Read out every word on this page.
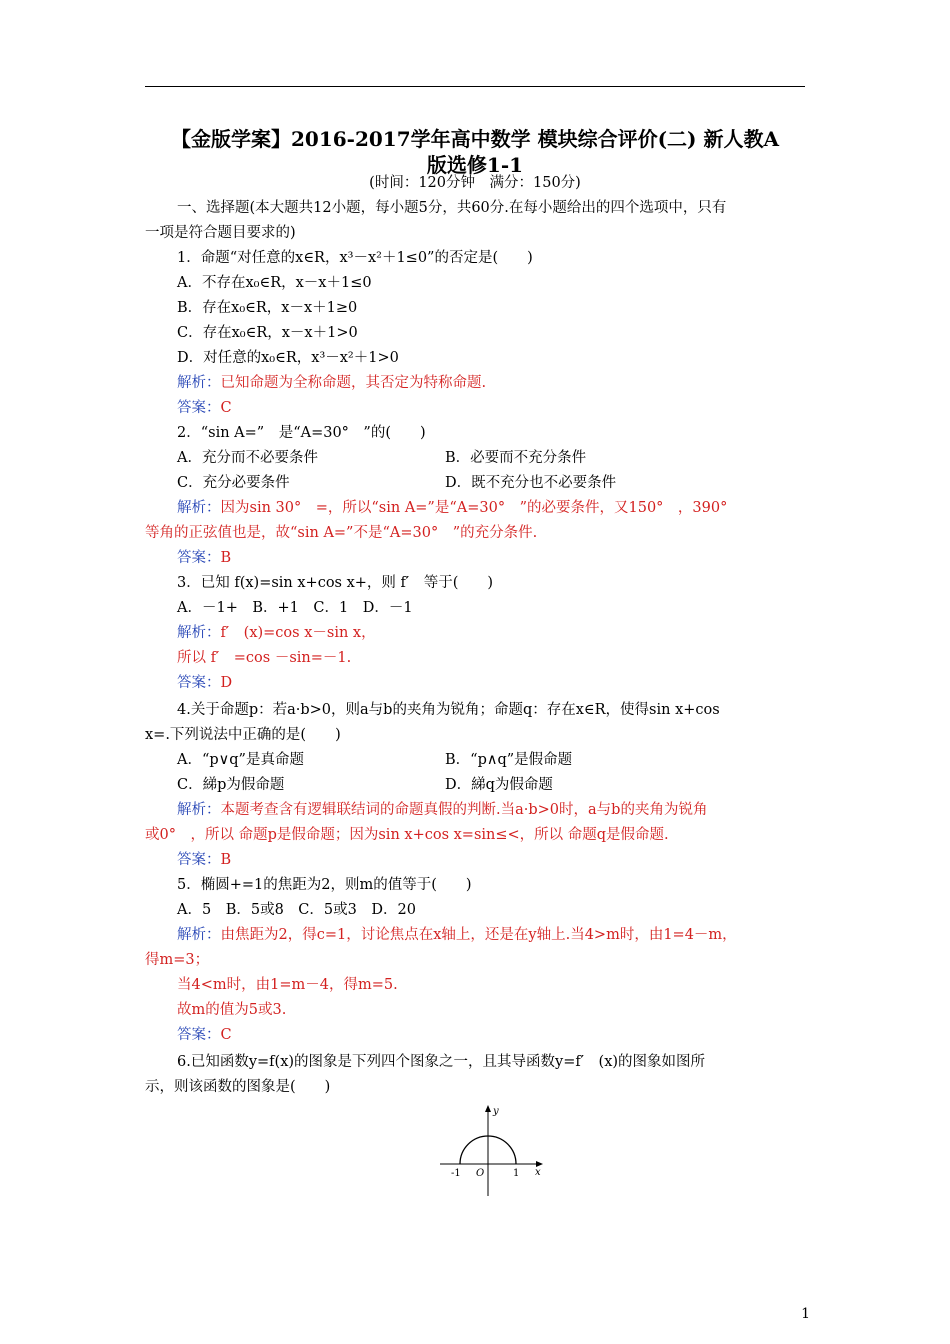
【金版学案】2016-2017学年高中数学 模块综合评价(二) 新人教A
版选修1-1
(时间：120分钟　满分：150分)
一、选择题(本大题共12小题，每小题5分，共60分.在每小题给出的四个选项中，只有
一项是符合题目要求的)
1．命题“对任意的x∈R，x³－x²＋1≤0”的否定是(　　)
A．不存在x₀∈R，x－x＋1≤0
B．存在x₀∈R，x－x＋1≥0
C．存在x₀∈R，x－x＋1>0
D．对任意的x₀∈R，x³－x²＋1>0
解析：已知命题为全称命题，其否定为特称命题.
答案：C
2．“sin A=”　是“A=30°　”的(　　)
A．充分而不必要条件	B．必要而不充分条件
C．充分必要条件	D．既不充分也不必要条件
解析：因为sin 30°　=，所以“sin A=”是“A=30°　”的必要条件，又150°　，390°
等角的正弦值也是，故“sin A=”不是“A=30°　”的充分条件.
答案：B
3．已知 f(x)=sin x+cos x+，则 f′　等于(　　)
A．－1+　B．+1　C．1　D．－1
解析：f′　(x)=cos x－sin x，
所以 f′　=cos －sin=－1.
答案：D
4.关于命题p：若a·b>0，则a与b的夹角为锐角；命题q：存在x∈R，使得sin x+cos
x=.下列说法中正确的是(　　)
A．“p∨q”是真命题	B．“p∧q”是假命题
C．綈p为假命题	D．綈q为假命题
解析：本题考查含有逻辑联结词的命题真假的判断.当a·b>0时，a与b的夹角为锐角
或0°　，所以 命题p是假命题；因为sin x+cos x=sin≤<，所以 命题q是假命题.
答案：B
5．椭圆+=1的焦距为2，则m的值等于(　　)
A．5　B．5或8　C．5或3　D．20
解析：由焦距为2，得c=1，讨论焦点在x轴上，还是在y轴上.当4>m时，由1=4－m，
得m=3；
当4<m时，由1=m－4，得m=5.
故m的值为5或3.
答案：C
6.已知函数y=f(x)的图象是下列四个图象之一，且其导函数y=f′　(x)的图象如图所
示，则该函数的图象是(　　)
y
x
O
-1	1
1
